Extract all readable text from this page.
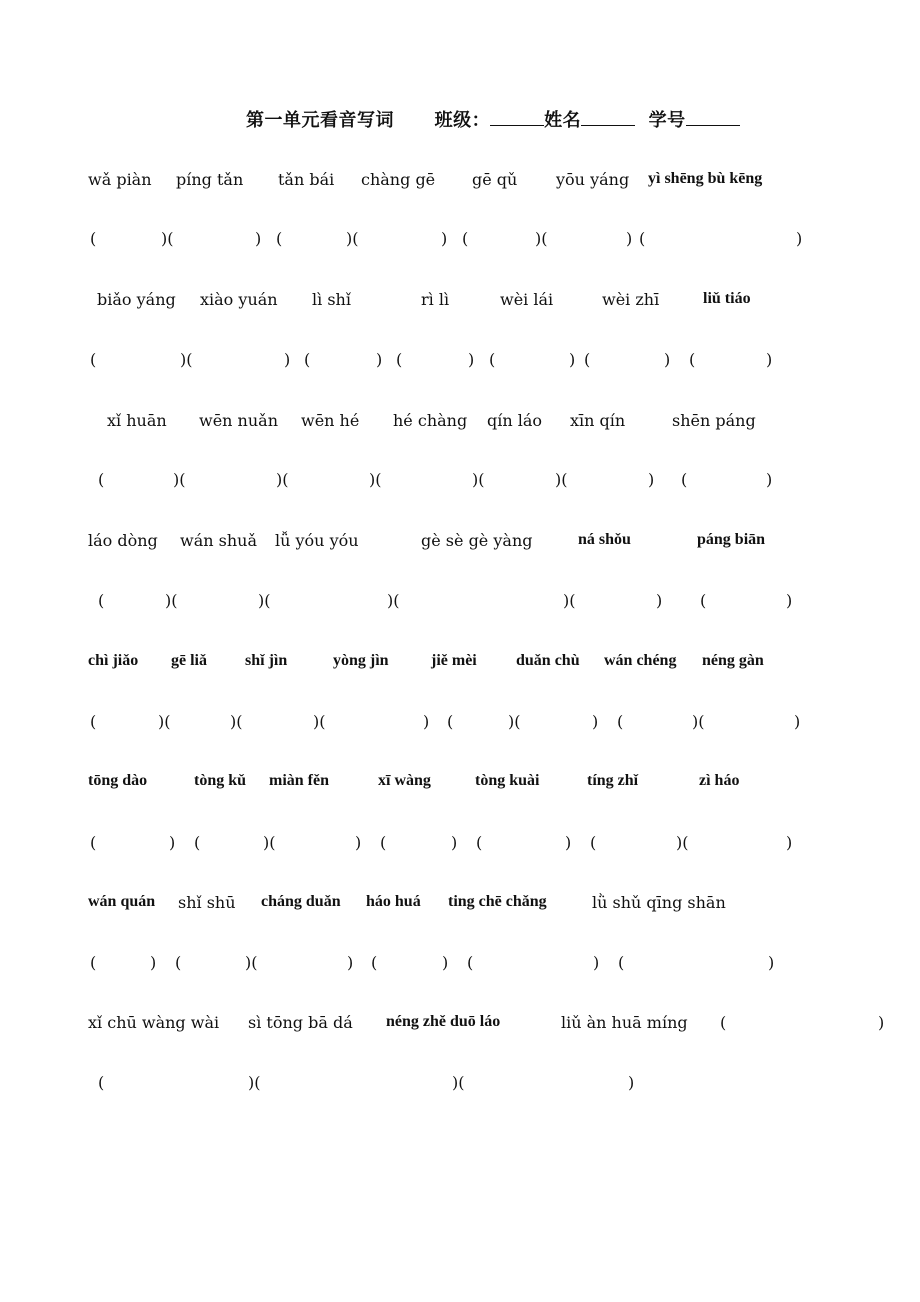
第一单元看音写词 班级：	姓名	学号
wǎ piàn píng tǎn tǎn bái chàng gē gē qǔ yōu yáng yì shēng bù kēng
(	)(	) (	)(	) (	)(	) (	)
biǎo yáng xiào yuán lì shǐ	rì lì	wèi lái	wèi zhī	liǔ tiáo
(	)(	) (	) (	) (	) (	) (	)
xǐ huān wēn nuǎn wēn hé hé chàng qín láo xīn qín	shēn páng
(	)(	)(	)(	)(	)(	) (	)
láo dòng wán shuǎ lǚ yóu yóu	gè sè gè yàng	ná shǒu	páng biān
(	)(	)(	)(	)(	) (	)
chì jiǎo gē liǎ shǐ jìn	yòng jìn	jiě mèi duǎn chù wán chéng néng gàn
(	)(	)(	)(	) (	)(	) (	)(	)
tōng dào	tòng kǔ miàn fěn	xī wàng	tòng kuài	tíng zhǐ	zì háo
(	) (	)(	) (	) (	) (	)(	)
wán quán shǐ shū cháng duǎn háo huá ting chē chǎng	lǜ shǔ qīng shān
(	) (	)(	) (	) (	) (	)
xǐ chū wàng wài sì tōng bā dá néng zhě duō láo	liǔ àn huā míng (	)
(	)(	)(	)
